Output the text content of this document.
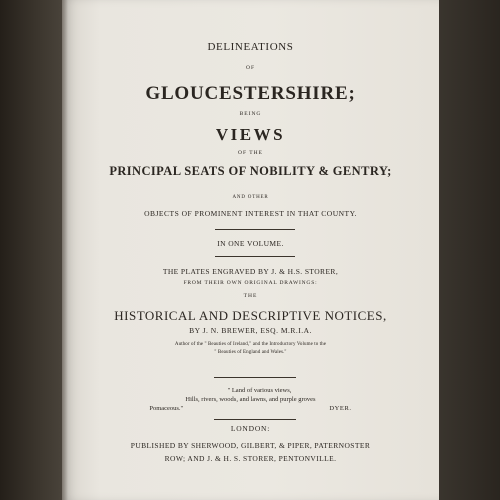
DELINEATIONS
OF
GLOUCESTERSHIRE;
BEING
VIEWS
OF THE
PRINCIPAL SEATS OF NOBILITY & GENTRY;
AND OTHER
OBJECTS OF PROMINENT INTEREST IN THAT COUNTY.
IN ONE VOLUME.
THE PLATES ENGRAVED BY J. & H.S. STORER,
FROM THEIR OWN ORIGINAL DRAWINGS:
THE
HISTORICAL AND DESCRIPTIVE NOTICES,
BY J. N. BREWER, ESQ. M.R.I.A.
Author of the " Beauties of Ireland," and the Introductory Volume to the
" Beauties of England and Wales."
" Land of various views,
Hills, rivers, woods, and lawns, and purple groves
Pomaceous."	DYER.
LONDON:
PUBLISHED BY SHERWOOD, GILBERT, & PIPER, PATERNOSTER
ROW; AND J. & H. S. STORER, PENTONVILLE.
